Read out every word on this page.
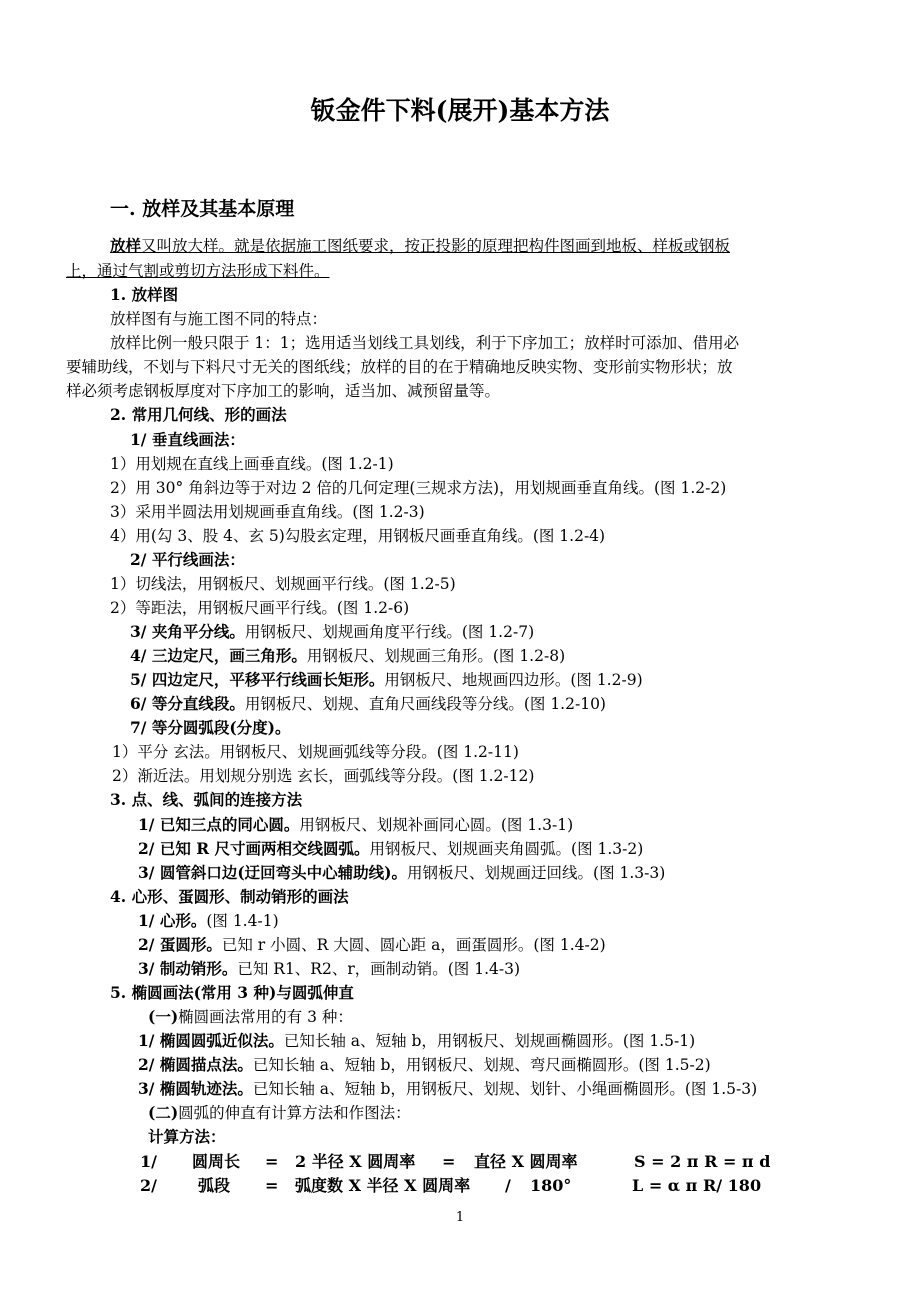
钣金件下料(展开)基本方法
一. 放样及其基本原理
放样又叫放大样。就是依据施工图纸要求，按正投影的原理把构件图画到地板、样板或钢板
上，通过气割或剪切方法形成下料件。
1. 放样图
放样图有与施工图不同的特点：
放样比例一般只限于 1：1；选用适当划线工具划线，利于下序加工；放样时可添加、借用必
要辅助线，不划与下料尺寸无关的图纸线；放样的目的在于精确地反映实物、变形前实物形状；放
样必须考虑钢板厚度对下序加工的影响，适当加、减预留量等。
2. 常用几何线、形的画法
1/ 垂直线画法：
1）用划规在直线上画垂直线。(图 1.2-1)
2）用 30° 角斜边等于对边 2 倍的几何定理(三规求方法)，用划规画垂直角线。(图 1.2-2)
3）采用半圆法用划规画垂直角线。(图 1.2-3)
4）用(勾 3、股 4、玄 5)勾股玄定理，用钢板尺画垂直角线。(图 1.2-4)
2/ 平行线画法：
1）切线法，用钢板尺、划规画平行线。(图 1.2-5)
2）等距法，用钢板尺画平行线。(图 1.2-6)
3/ 夹角平分线。用钢板尺、划规画角度平行线。(图 1.2-7)
4/ 三边定尺，画三角形。用钢板尺、划规画三角形。(图 1.2-8)
5/ 四边定尺，平移平行线画长矩形。用钢板尺、地规画四边形。(图 1.2-9)
6/ 等分直线段。用钢板尺、划规、直角尺画线段等分线。(图 1.2-10)
7/ 等分圆弧段(分度)。
1）平分 玄法。用钢板尺、划规画弧线等分段。(图 1.2-11)
2）渐近法。用划规分别选 玄长，画弧线等分段。(图 1.2-12)
3. 点、线、弧间的连接方法
1/ 已知三点的同心圆。用钢板尺、划规补画同心圆。(图 1.3-1)
2/ 已知 R 尺寸画两相交线圆弧。用钢板尺、划规画夹角圆弧。(图 1.3-2)
3/ 圆管斜口边(迂回弯头中心辅助线)。用钢板尺、划规画迂回线。(图 1.3-3)
4. 心形、蛋圆形、制动销形的画法
1/ 心形。(图 1.4-1)
2/ 蛋圆形。已知 r 小圆、R 大圆、圆心距 a，画蛋圆形。(图 1.4-2)
3/ 制动销形。已知 R1、R2、r，画制动销。(图 1.4-3)
5. 椭圆画法(常用 3 种)与圆弧伸直
(一)椭圆画法常用的有 3 种：
1/ 椭圆圆弧近似法。已知长轴 a、短轴 b，用钢板尺、划规画椭圆形。(图 1.5-1)
2/ 椭圆描点法。已知长轴 a、短轴 b，用钢板尺、划规、弯尺画椭圆形。(图 1.5-2)
3/ 椭圆轨迹法。已知长轴 a、短轴 b，用钢板尺、划规、划针、小绳画椭圆形。(图 1.5-3)
(二)圆弧的伸直有计算方法和作图法：
计算方法：
1/ 圆周长 = 2 半径 X 圆周率 = 直径 X 圆周率	S = 2 π R = π d
2/	弧段 = 弧度数 X 半径 X 圆周率 / 180°	L = α π R/ 180
1
